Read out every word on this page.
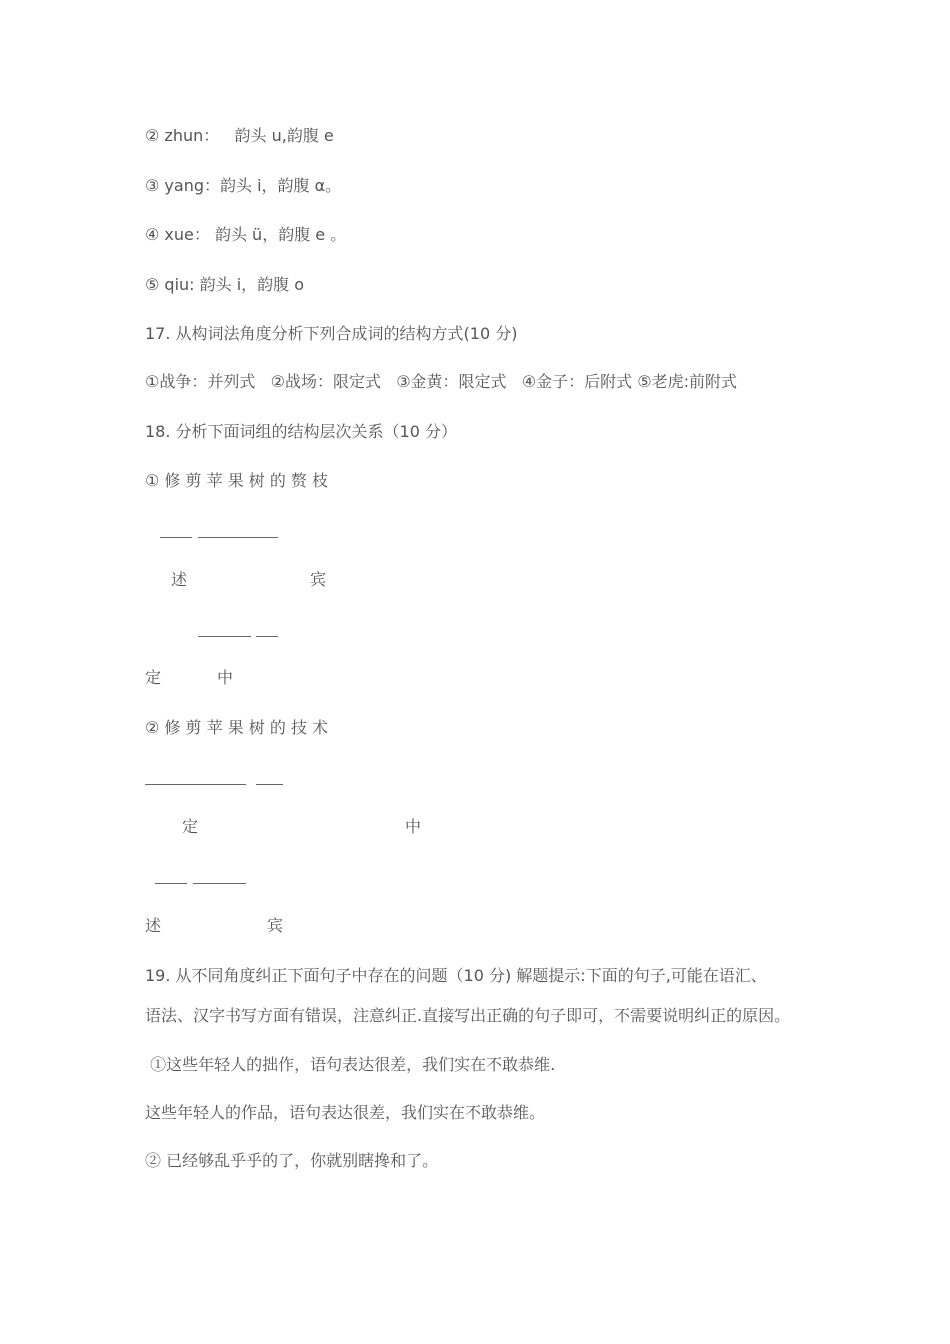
② zhun：   韵头 u,韵腹 e
③ yang：韵头 i，韵腹 α。
④ xue： 韵头 ü，韵腹 e 。
⑤ qiu: 韵头 i，韵腹 o
17. 从构词法角度分析下列合成词的结构方式(10 分)
①战争：并列式   ②战场：限定式   ③金黄：限定式   ④金子：后附式 ⑤老虎:前附式
18. 分析下面词组的结构层次关系（10 分）
① 修 剪 苹 果 树 的 赘 枝
述	宾
定	中
② 修 剪 苹 果 树 的 技 术
定	中
述	宾
19. 从不同角度纠正下面句子中存在的问题（10 分) 解题提示:下面的句子,可能在语汇、
语法、汉字书写方面有错误，注意纠正.直接写出正确的句子即可，不需要说明纠正的原因。
①这些年轻人的拙作，语句表达很差，我们实在不敢恭维.
这些年轻人的作品，语句表达很差，我们实在不敢恭维。
② 已经够乱乎乎的了，你就别瞎搀和了。
